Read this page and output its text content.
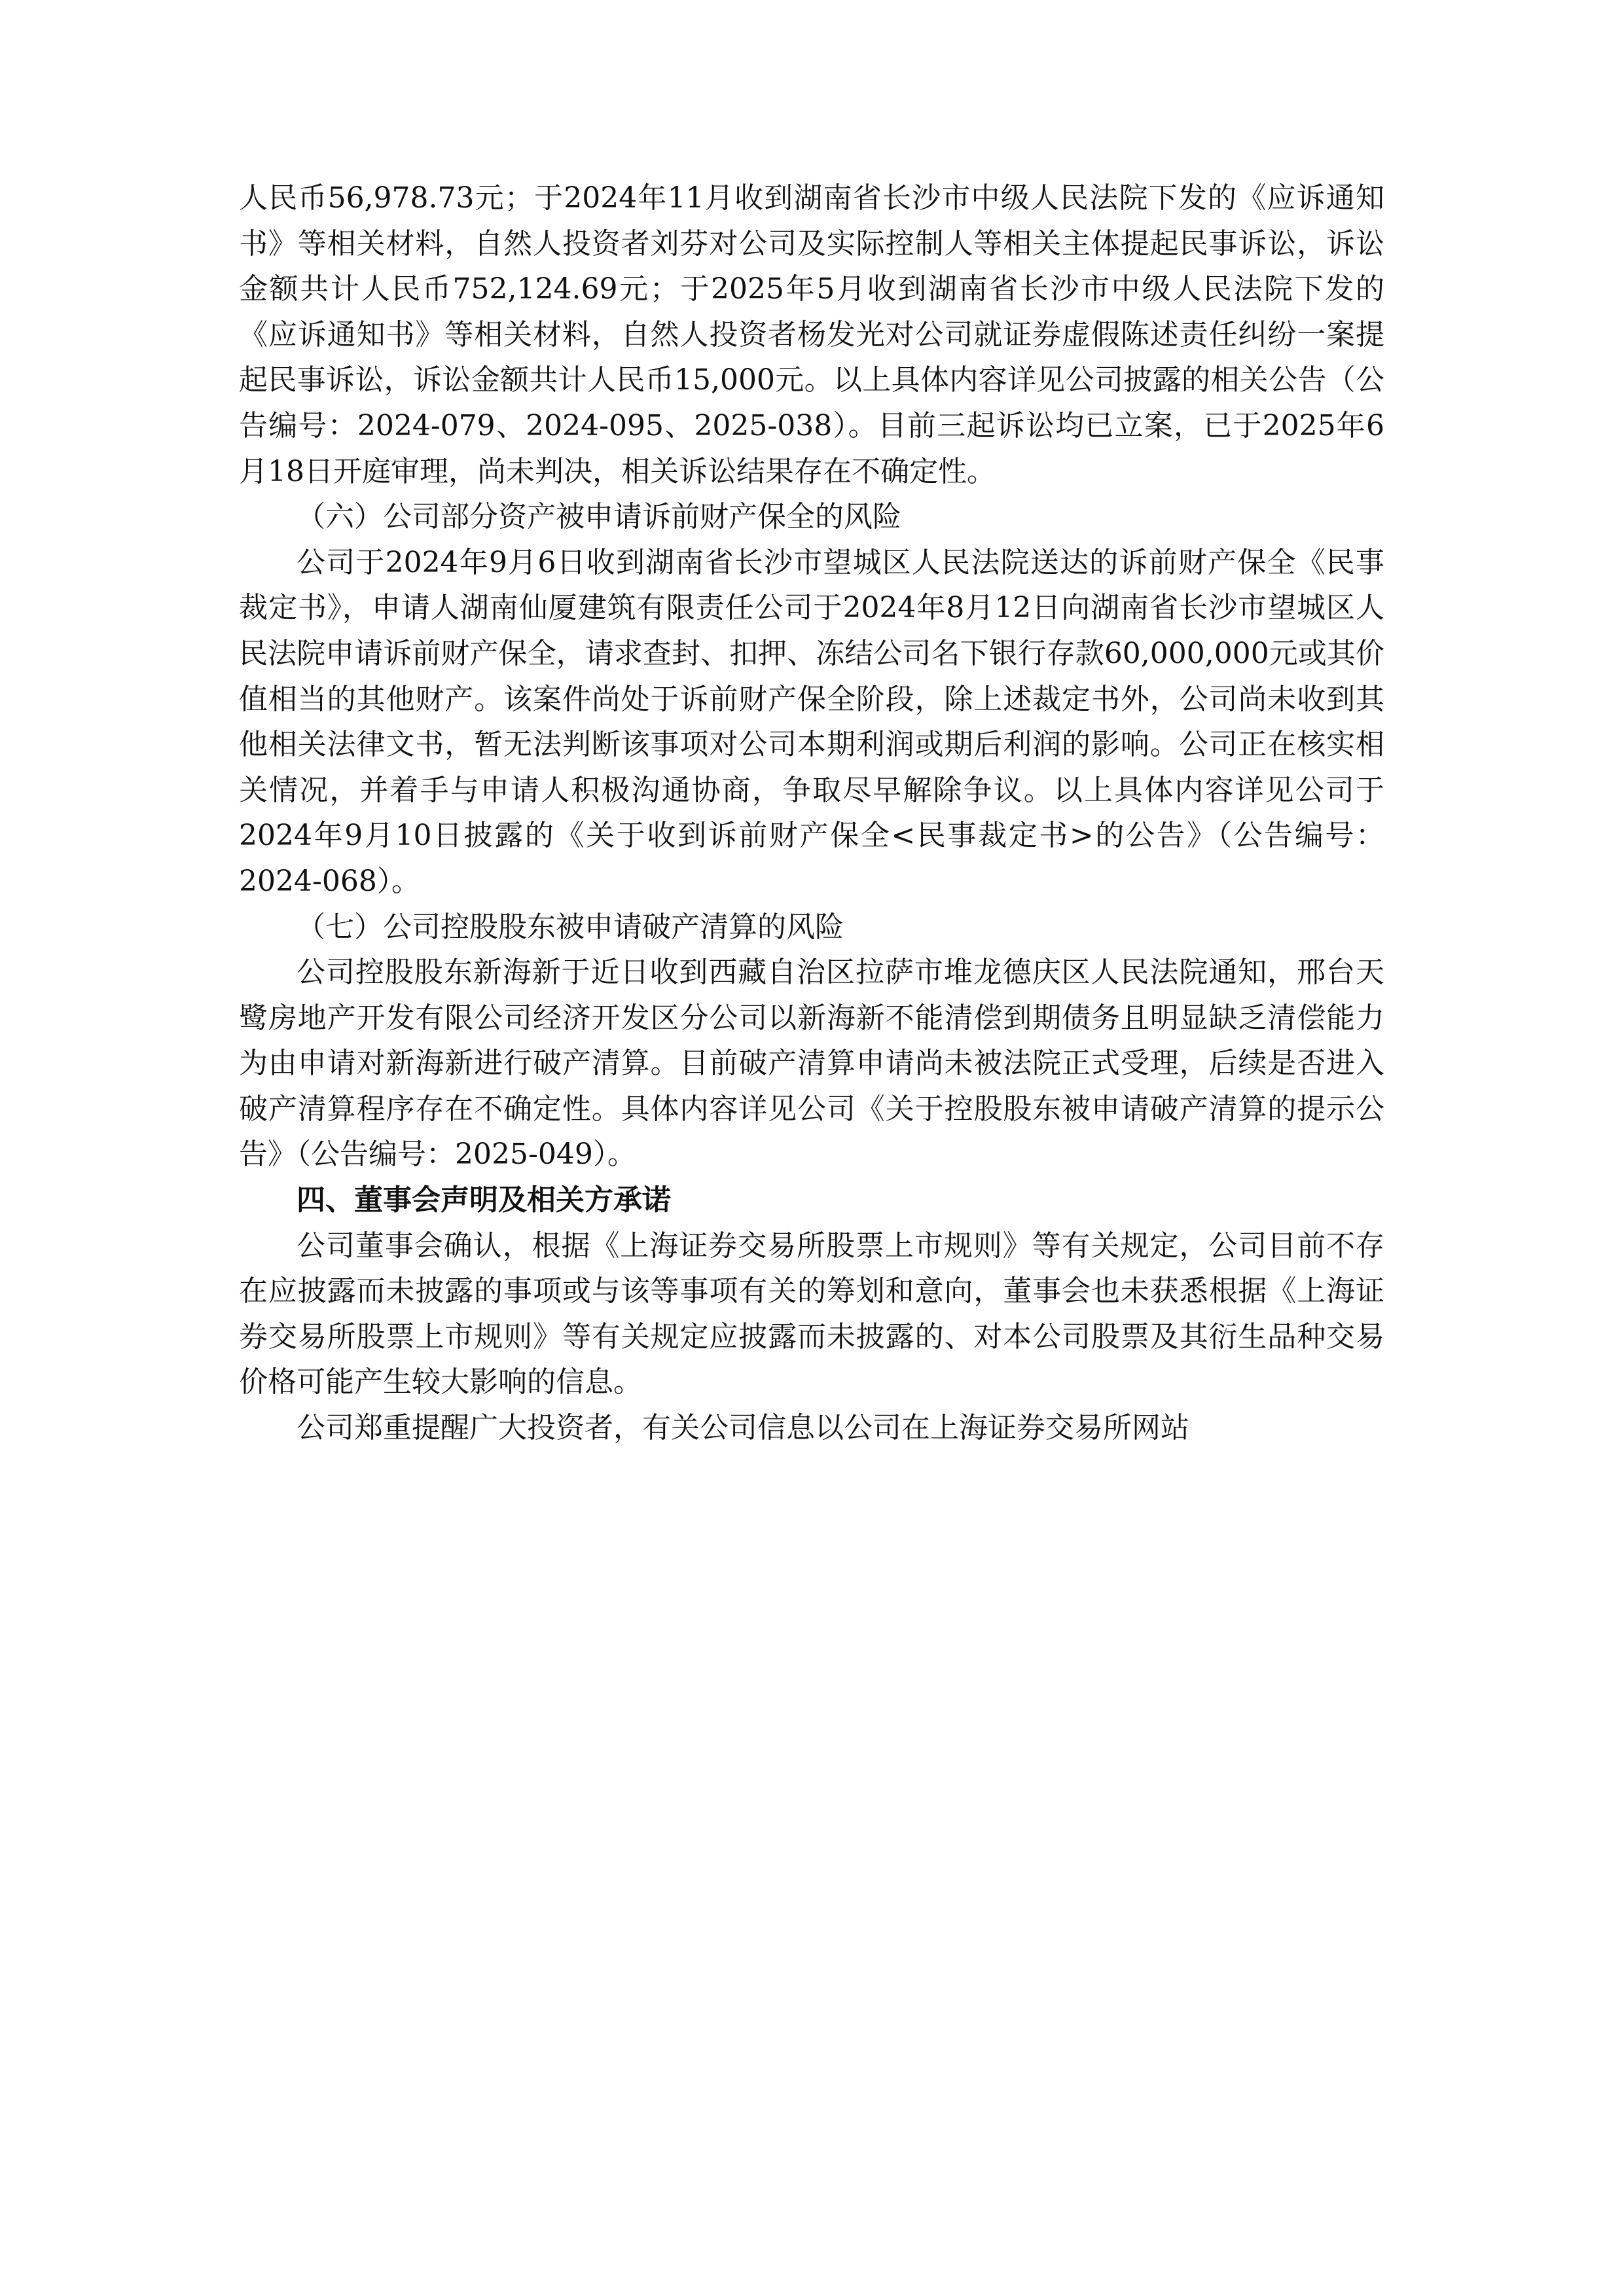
人民币56,978.73元；于2024年11月收到湖南省长沙市中级人民法院下发的《应诉通知书》等相关材料，自然人投资者刘芬对公司及实际控制人等相关主体提起民事诉讼，诉讼金额共计人民币752,124.69元；于2025年5月收到湖南省长沙市中级人民法院下发的《应诉通知书》等相关材料，自然人投资者杨发光对公司就证券虚假陈述责任纠纷一案提起民事诉讼，诉讼金额共计人民币15,000元。以上具体内容详见公司披露的相关公告（公告编号：2024-079、2024-095、2025-038）。目前三起诉讼均已立案，已于2025年6月18日开庭审理，尚未判决，相关诉讼结果存在不确定性。

（六）公司部分资产被申请诉前财产保全的风险

公司于2024年9月6日收到湖南省长沙市望城区人民法院送达的诉前财产保全《民事裁定书》，申请人湖南仙厦建筑有限责任公司于2024年8月12日向湖南省长沙市望城区人民法院申请诉前财产保全，请求查封、扣押、冻结公司名下银行存款60,000,000元或其价值相当的其他财产。该案件尚处于诉前财产保全阶段，除上述裁定书外，公司尚未收到其他相关法律文书，暂无法判断该事项对公司本期利润或期后利润的影响。公司正在核实相关情况，并着手与申请人积极沟通协商，争取尽早解除争议。以上具体内容详见公司于2024年9月10日披露的《关于收到诉前财产保全<民事裁定书>的公告》（公告编号：2024-068）。

（七）公司控股股东被申请破产清算的风险

公司控股股东新海新于近日收到西藏自治区拉萨市堆龙德庆区人民法院通知，邢台天鹭房地产开发有限公司经济开发区分公司以新海新不能清偿到期债务且明显缺乏清偿能力为由申请对新海新进行破产清算。目前破产清算申请尚未被法院正式受理，后续是否进入破产清算程序存在不确定性。具体内容详见公司《关于控股股东被申请破产清算的提示公告》（公告编号：2025-049）。

四、董事会声明及相关方承诺

公司董事会确认，根据《上海证券交易所股票上市规则》等有关规定，公司目前不存在应披露而未披露的事项或与该等事项有关的筹划和意向，董事会也未获悉根据《上海证券交易所股票上市规则》等有关规定应披露而未披露的、对本公司股票及其衍生品种交易价格可能产生较大影响的信息。

公司郑重提醒广大投资者，有关公司信息以公司在上海证券交易所网站
